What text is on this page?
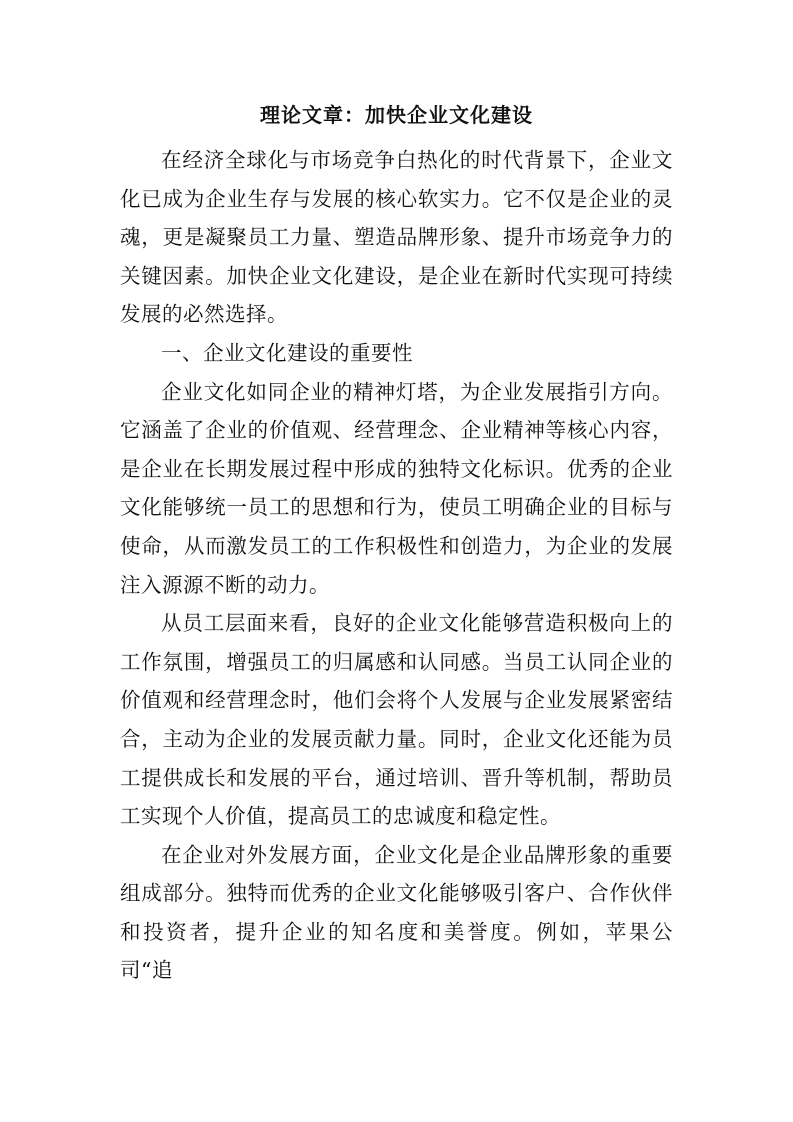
理论文章：加快企业文化建设

在经济全球化与市场竞争白热化的时代背景下，企业文化已成为企业生存与发展的核心软实力。它不仅是企业的灵魂，更是凝聚员工力量、塑造品牌形象、提升市场竞争力的关键因素。加快企业文化建设，是企业在新时代实现可持续发展的必然选择。

一、企业文化建设的重要性

企业文化如同企业的精神灯塔，为企业发展指引方向。它涵盖了企业的价值观、经营理念、企业精神等核心内容，是企业在长期发展过程中形成的独特文化标识。优秀的企业文化能够统一员工的思想和行为，使员工明确企业的目标与使命，从而激发员工的工作积极性和创造力，为企业的发展注入源源不断的动力。

从员工层面来看，良好的企业文化能够营造积极向上的工作氛围，增强员工的归属感和认同感。当员工认同企业的价值观和经营理念时，他们会将个人发展与企业发展紧密结合，主动为企业的发展贡献力量。同时，企业文化还能为员工提供成长和发展的平台，通过培训、晋升等机制，帮助员工实现个人价值，提高员工的忠诚度和稳定性。

在企业对外发展方面，企业文化是企业品牌形象的重要组成部分。独特而优秀的企业文化能够吸引客户、合作伙伴和投资者，提升企业的知名度和美誉度。例如，苹果公司“追
